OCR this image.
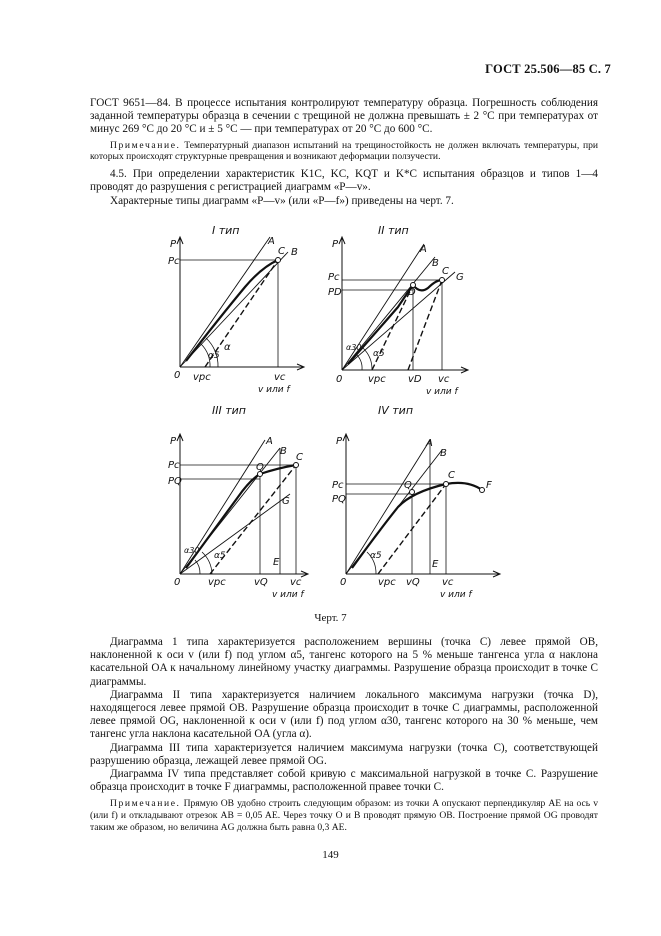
ГОСТ 25.506—85 С. 7

ГОСТ 9651—84. В процессе испытания контролируют температуру образца. Погрешность соблюдения заданной температуры образца в сечении с трещиной не должна превышать ± 2 °С при температурах от минус 269 °С до 20 °С и ± 5 °С — при температурах от 20 °С до 600 °С.

Примечание. Температурный диапазон испытаний на трещиностойкость не должен включать температуры, при которых происходят структурные превращения и возникают деформации ползучести.

4.5. При определении характеристик K1C, KC, KQT и K*C испытания образцов и типов 1—4 проводят до разрушения с регистрацией диаграмм «P—v».

Характерные типы диаграмм «P—v» (или «P—f») приведены на черт. 7.

I тип
P
Pc
A
C B
0 vpc	vc
α
α5
v или f
II тип
P
Pc
PD
A
B
C
D
G
0	vpc vD vc
α30
α5
v или f
III тип
P
Pc
PQ
A
B
C
Q
G
E
0	vpc	vQ vc
α30
α5
v или f
IV тип
P
Pc
PQ
A
B
C
Q	F
E
0	vpc vQ vc
α5
v или f
Черт. 7

Диаграмма 1 типа характеризуется расположением вершины (точка C) левее прямой OB, наклоненной к оси v (или f) под углом α5, тангенс которого на 5 % меньше тангенса угла α наклона касательной OA к начальному линейному участку диаграммы. Разрушение образца происходит в точке C диаграммы.

Диаграмма II типа характеризуется наличием локального максимума нагрузки (точка D), находящегося левее прямой OB. Разрушение образца происходит в точке C диаграммы, расположенной левее прямой OG, наклоненной к оси v (или f) под углом α30, тангенс которого на 30 % меньше, чем тангенс угла наклона касательной OA (угла α).

Диаграмма III типа характеризуется наличием максимума нагрузки (точка C), соответствующей разрушению образца, лежащей левее прямой OG.

Диаграмма IV типа представляет собой кривую с максимальной нагрузкой в точке C. Разрушение образца происходит в точке F диаграммы, расположенной правее точки C.

Примечание. Прямую OB удобно строить следующим образом: из точки A опускают перпендикуляр AE на ось v (или f) и откладывают отрезок AB = 0,05 AE. Через точку O и B проводят прямую OB. Построение прямой OG проводят таким же образом, но величина AG должна быть равна 0,3 AE.

149
